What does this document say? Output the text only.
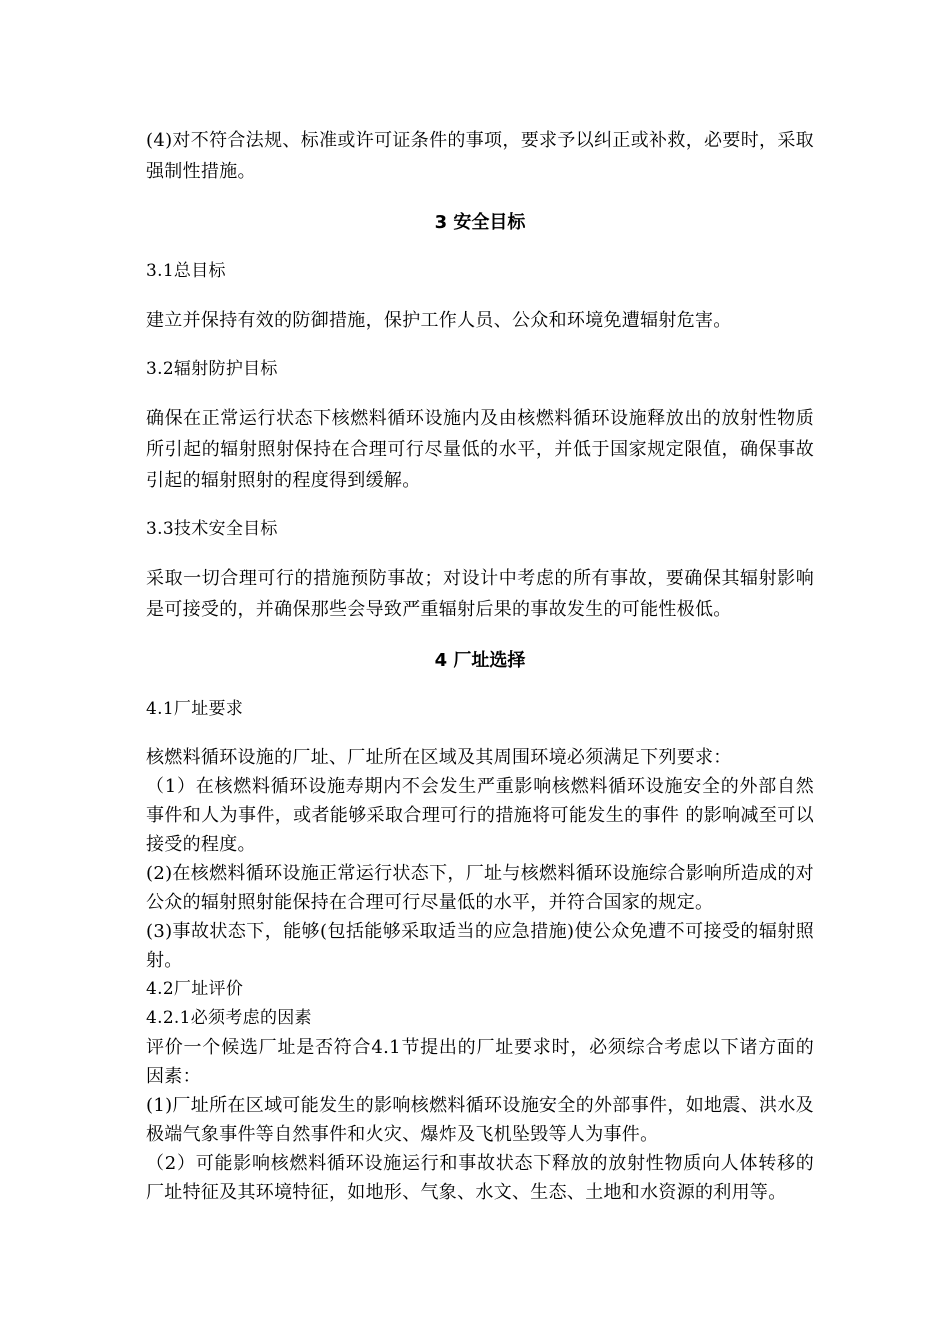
(4)对不符合法规、标准或许可证条件的事项，要求予以纠正或补救，必要时，采取强制性措施。

3 安全目标

3.1总目标

建立并保持有效的防御措施，保护工作人员、公众和环境免遭辐射危害。

3.2辐射防护目标

确保在正常运行状态下核燃料循环设施内及由核燃料循环设施释放出的放射性物质所引起的辐射照射保持在合理可行尽量低的水平，并低于国家规定限值，确保事故引起的辐射照射的程度得到缓解。

3.3技术安全目标

采取一切合理可行的措施预防事故；对设计中考虑的所有事故，要确保其辐射影响是可接受的，并确保那些会导致严重辐射后果的事故发生的可能性极低。

4 厂址选择

4.1厂址要求

核燃料循环设施的厂址、厂址所在区域及其周围环境必须满足下列要求：

（1）在核燃料循环设施寿期内不会发生严重影响核燃料循环设施安全的外部自然事件和人为事件，或者能够采取合理可行的措施将可能发生的事件 的影响减至可以接受的程度。

(2)在核燃料循环设施正常运行状态下，厂址与核燃料循环设施综合影响所造成的对公众的辐射照射能保持在合理可行尽量低的水平，并符合国家的规定。

(3)事故状态下，能够(包括能够采取适当的应急措施)使公众免遭不可接受的辐射照射。

4.2厂址评价

4.2.1必须考虑的因素

评价一个候选厂址是否符合4.1节提出的厂址要求时，必须综合考虑以下诸方面的因素：

(1)厂址所在区域可能发生的影响核燃料循环设施安全的外部事件，如地震、洪水及极端气象事件等自然事件和火灾、爆炸及飞机坠毁等人为事件。

（2）可能影响核燃料循环设施运行和事故状态下释放的放射性物质向人体转移的厂址特征及其环境特征，如地形、气象、水文、生态、土地和水资源的利用等。
